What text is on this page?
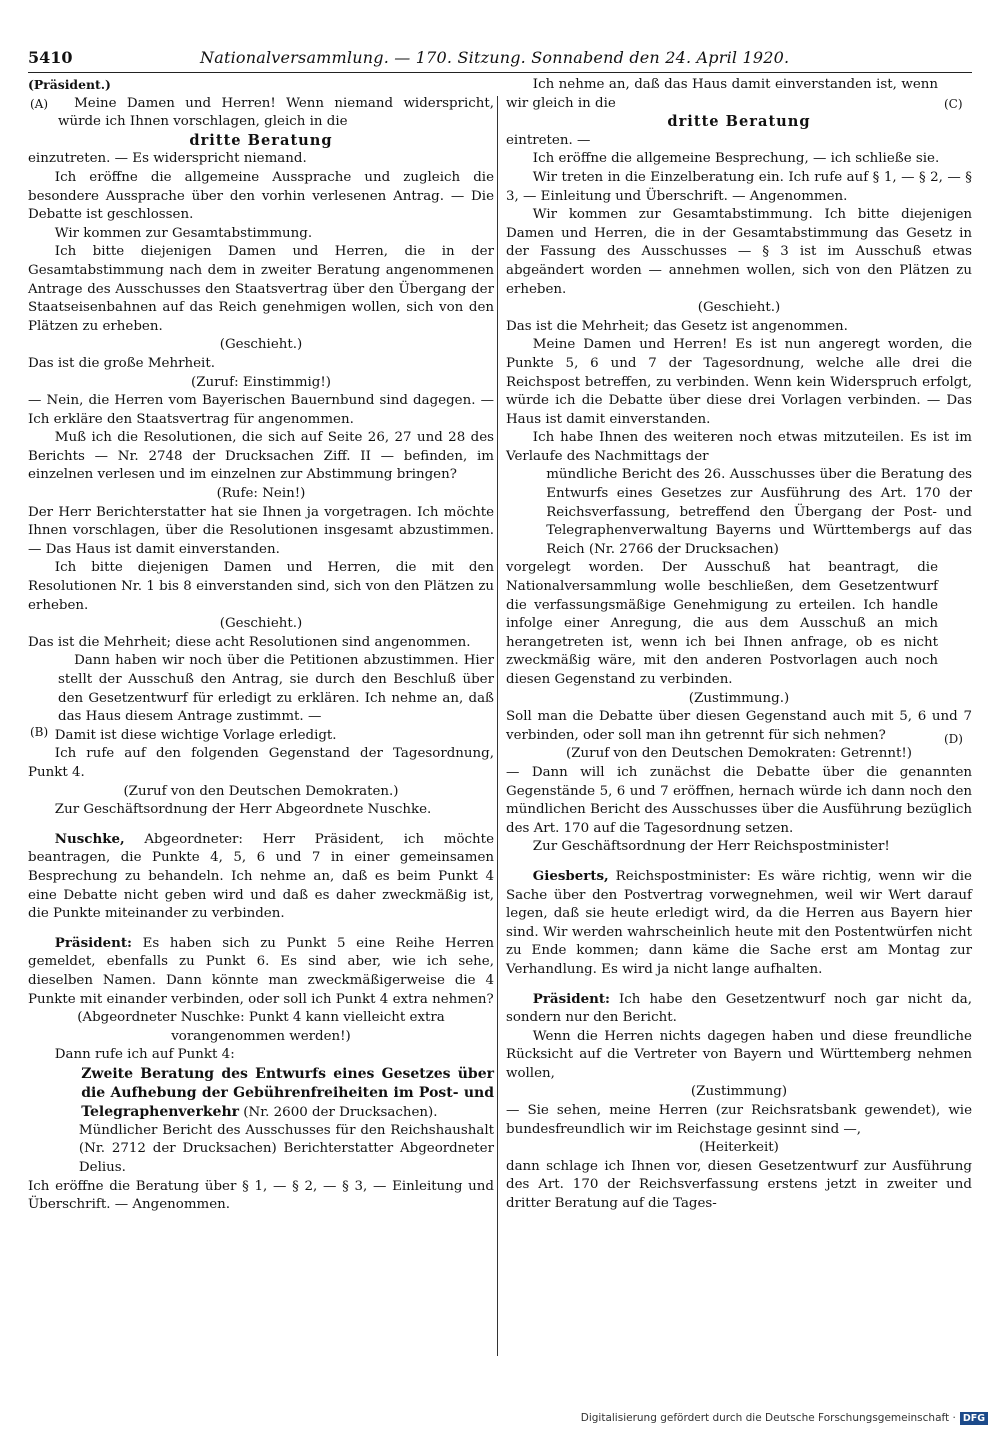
5410	Nationalversammlung. — 170. Sitzung. Sonnabend den 24. April 1920.
(A)
(B)
(C)
(D)

(Präsident.)

Meine Damen und Herren! Wenn niemand widerspricht, würde ich Ihnen vorschlagen, gleich in die

dritte Beratung

einzutreten. — Es widerspricht niemand.

Ich eröffne die allgemeine Aussprache und zugleich die besondere Aussprache über den vorhin verlesenen Antrag. — Die Debatte ist geschlossen.

Wir kommen zur Gesamtabstimmung.

Ich bitte diejenigen Damen und Herren, die in der Gesamtabstimmung nach dem in zweiter Beratung angenommenen Antrage des Ausschusses den Staatsvertrag über den Übergang der Staatseisenbahnen auf das Reich genehmigen wollen, sich von den Plätzen zu erheben.

(Geschieht.)

Das ist die große Mehrheit.

(Zuruf: Einstimmig!)

— Nein, die Herren vom Bayerischen Bauernbund sind dagegen. — Ich erkläre den Staatsvertrag für angenommen.

Muß ich die Resolutionen, die sich auf Seite 26, 27 und 28 des Berichts — Nr. 2748 der Drucksachen Ziff. II — befinden, im einzelnen verlesen und im einzelnen zur Abstimmung bringen?

(Rufe: Nein!)

Der Herr Berichterstatter hat sie Ihnen ja vorgetragen. Ich möchte Ihnen vorschlagen, über die Resolutionen insgesamt abzustimmen. — Das Haus ist damit einverstanden.

Ich bitte diejenigen Damen und Herren, die mit den Resolutionen Nr. 1 bis 8 einverstanden sind, sich von den Plätzen zu erheben.

(Geschieht.)

Das ist die Mehrheit; diese acht Resolutionen sind angenommen.

Dann haben wir noch über die Petitionen abzustimmen. Hier stellt der Ausschuß den Antrag, sie durch den Beschluß über den Gesetzentwurf für erledigt zu erklären. Ich nehme an, daß das Haus diesem Antrage zustimmt. —

Damit ist diese wichtige Vorlage erledigt.

Ich rufe auf den folgenden Gegenstand der Tagesordnung, Punkt 4.

(Zuruf von den Deutschen Demokraten.)

Zur Geschäftsordnung der Herr Abgeordnete Nuschke.

Nuschke, Abgeordneter: Herr Präsident, ich möchte beantragen, die Punkte 4, 5, 6 und 7 in einer gemeinsamen Besprechung zu behandeln. Ich nehme an, daß es beim Punkt 4 eine Debatte nicht geben wird und daß es daher zweckmäßig ist, die Punkte miteinander zu verbinden.

Präsident: Es haben sich zu Punkt 5 eine Reihe Herren gemeldet, ebenfalls zu Punkt 6. Es sind aber, wie ich sehe, dieselben Namen. Dann könnte man zweckmäßigerweise die 4 Punkte mit einander verbinden, oder soll ich Punkt 4 extra nehmen?

(Abgeordneter Nuschke: Punkt 4 kann vielleicht extra vorangenommen werden!)

Dann rufe ich auf Punkt 4:

Zweite Beratung des Entwurfs eines Gesetzes über die Aufhebung der Gebührenfreiheiten im Post- und Telegraphenverkehr (Nr. 2600 der Drucksachen).

Mündlicher Bericht des Ausschusses für den Reichshaushalt (Nr. 2712 der Drucksachen) Berichterstatter Abgeordneter Delius.

Ich eröffne die Beratung über § 1, — § 2, — § 3, — Einleitung und Überschrift. — Angenommen.

Ich nehme an, daß das Haus damit einverstanden ist, wenn wir gleich in die

dritte Beratung

eintreten. —

Ich eröffne die allgemeine Besprechung, — ich schließe sie.

Wir treten in die Einzelberatung ein. Ich rufe auf § 1, — § 2, — § 3, — Einleitung und Überschrift. — Angenommen.

Wir kommen zur Gesamtabstimmung. Ich bitte diejenigen Damen und Herren, die in der Gesamtabstimmung das Gesetz in der Fassung des Ausschusses — § 3 ist im Ausschuß etwas abgeändert worden — annehmen wollen, sich von den Plätzen zu erheben.

(Geschieht.)

Das ist die Mehrheit; das Gesetz ist angenommen.

Meine Damen und Herren! Es ist nun angeregt worden, die Punkte 5, 6 und 7 der Tagesordnung, welche alle drei die Reichspost betreffen, zu verbinden. Wenn kein Widerspruch erfolgt, würde ich die Debatte über diese drei Vorlagen verbinden. — Das Haus ist damit einverstanden.

Ich habe Ihnen des weiteren noch etwas mitzuteilen. Es ist im Verlaufe des Nachmittags der

mündliche Bericht des 26. Ausschusses über die Beratung des Entwurfs eines Gesetzes zur Ausführung des Art. 170 der Reichsverfassung, betreffend den Übergang der Post- und Telegraphenverwaltung Bayerns und Württembergs auf das Reich (Nr. 2766 der Drucksachen)

vorgelegt worden. Der Ausschuß hat beantragt, die Nationalversammlung wolle beschließen, dem Gesetzentwurf die verfassungsmäßige Genehmigung zu erteilen. Ich handle infolge einer Anregung, die aus dem Ausschuß an mich herangetreten ist, wenn ich bei Ihnen anfrage, ob es nicht zweckmäßig wäre, mit den anderen Postvorlagen auch noch diesen Gegenstand zu verbinden.

(Zustimmung.)

Soll man die Debatte über diesen Gegenstand auch mit 5, 6 und 7 verbinden, oder soll man ihn getrennt für sich nehmen?

(Zuruf von den Deutschen Demokraten: Getrennt!)

— Dann will ich zunächst die Debatte über die genannten Gegenstände 5, 6 und 7 eröffnen, hernach würde ich dann noch den mündlichen Bericht des Ausschusses über die Ausführung bezüglich des Art. 170 auf die Tagesordnung setzen.

Zur Geschäftsordnung der Herr Reichspostminister!

Giesberts, Reichspostminister: Es wäre richtig, wenn wir die Sache über den Postvertrag vorwegnehmen, weil wir Wert darauf legen, daß sie heute erledigt wird, da die Herren aus Bayern hier sind. Wir werden wahrscheinlich heute mit den Postentwürfen nicht zu Ende kommen; dann käme die Sache erst am Montag zur Verhandlung. Es wird ja nicht lange aufhalten.

Präsident: Ich habe den Gesetzentwurf noch gar nicht da, sondern nur den Bericht.

Wenn die Herren nichts dagegen haben und diese freundliche Rücksicht auf die Vertreter von Bayern und Württemberg nehmen wollen,

(Zustimmung)

— Sie sehen, meine Herren (zur Reichsratsbank gewendet), wie bundesfreundlich wir im Reichstage gesinnt sind —,

(Heiterkeit)

dann schlage ich Ihnen vor, diesen Gesetzentwurf zur Ausführung des Art. 170 der Reichsverfassung erstens jetzt in zweiter und dritter Beratung auf die Tages-

Digitalisierung gefördert durch die Deutsche Forschungsgemeinschaft · DFG
